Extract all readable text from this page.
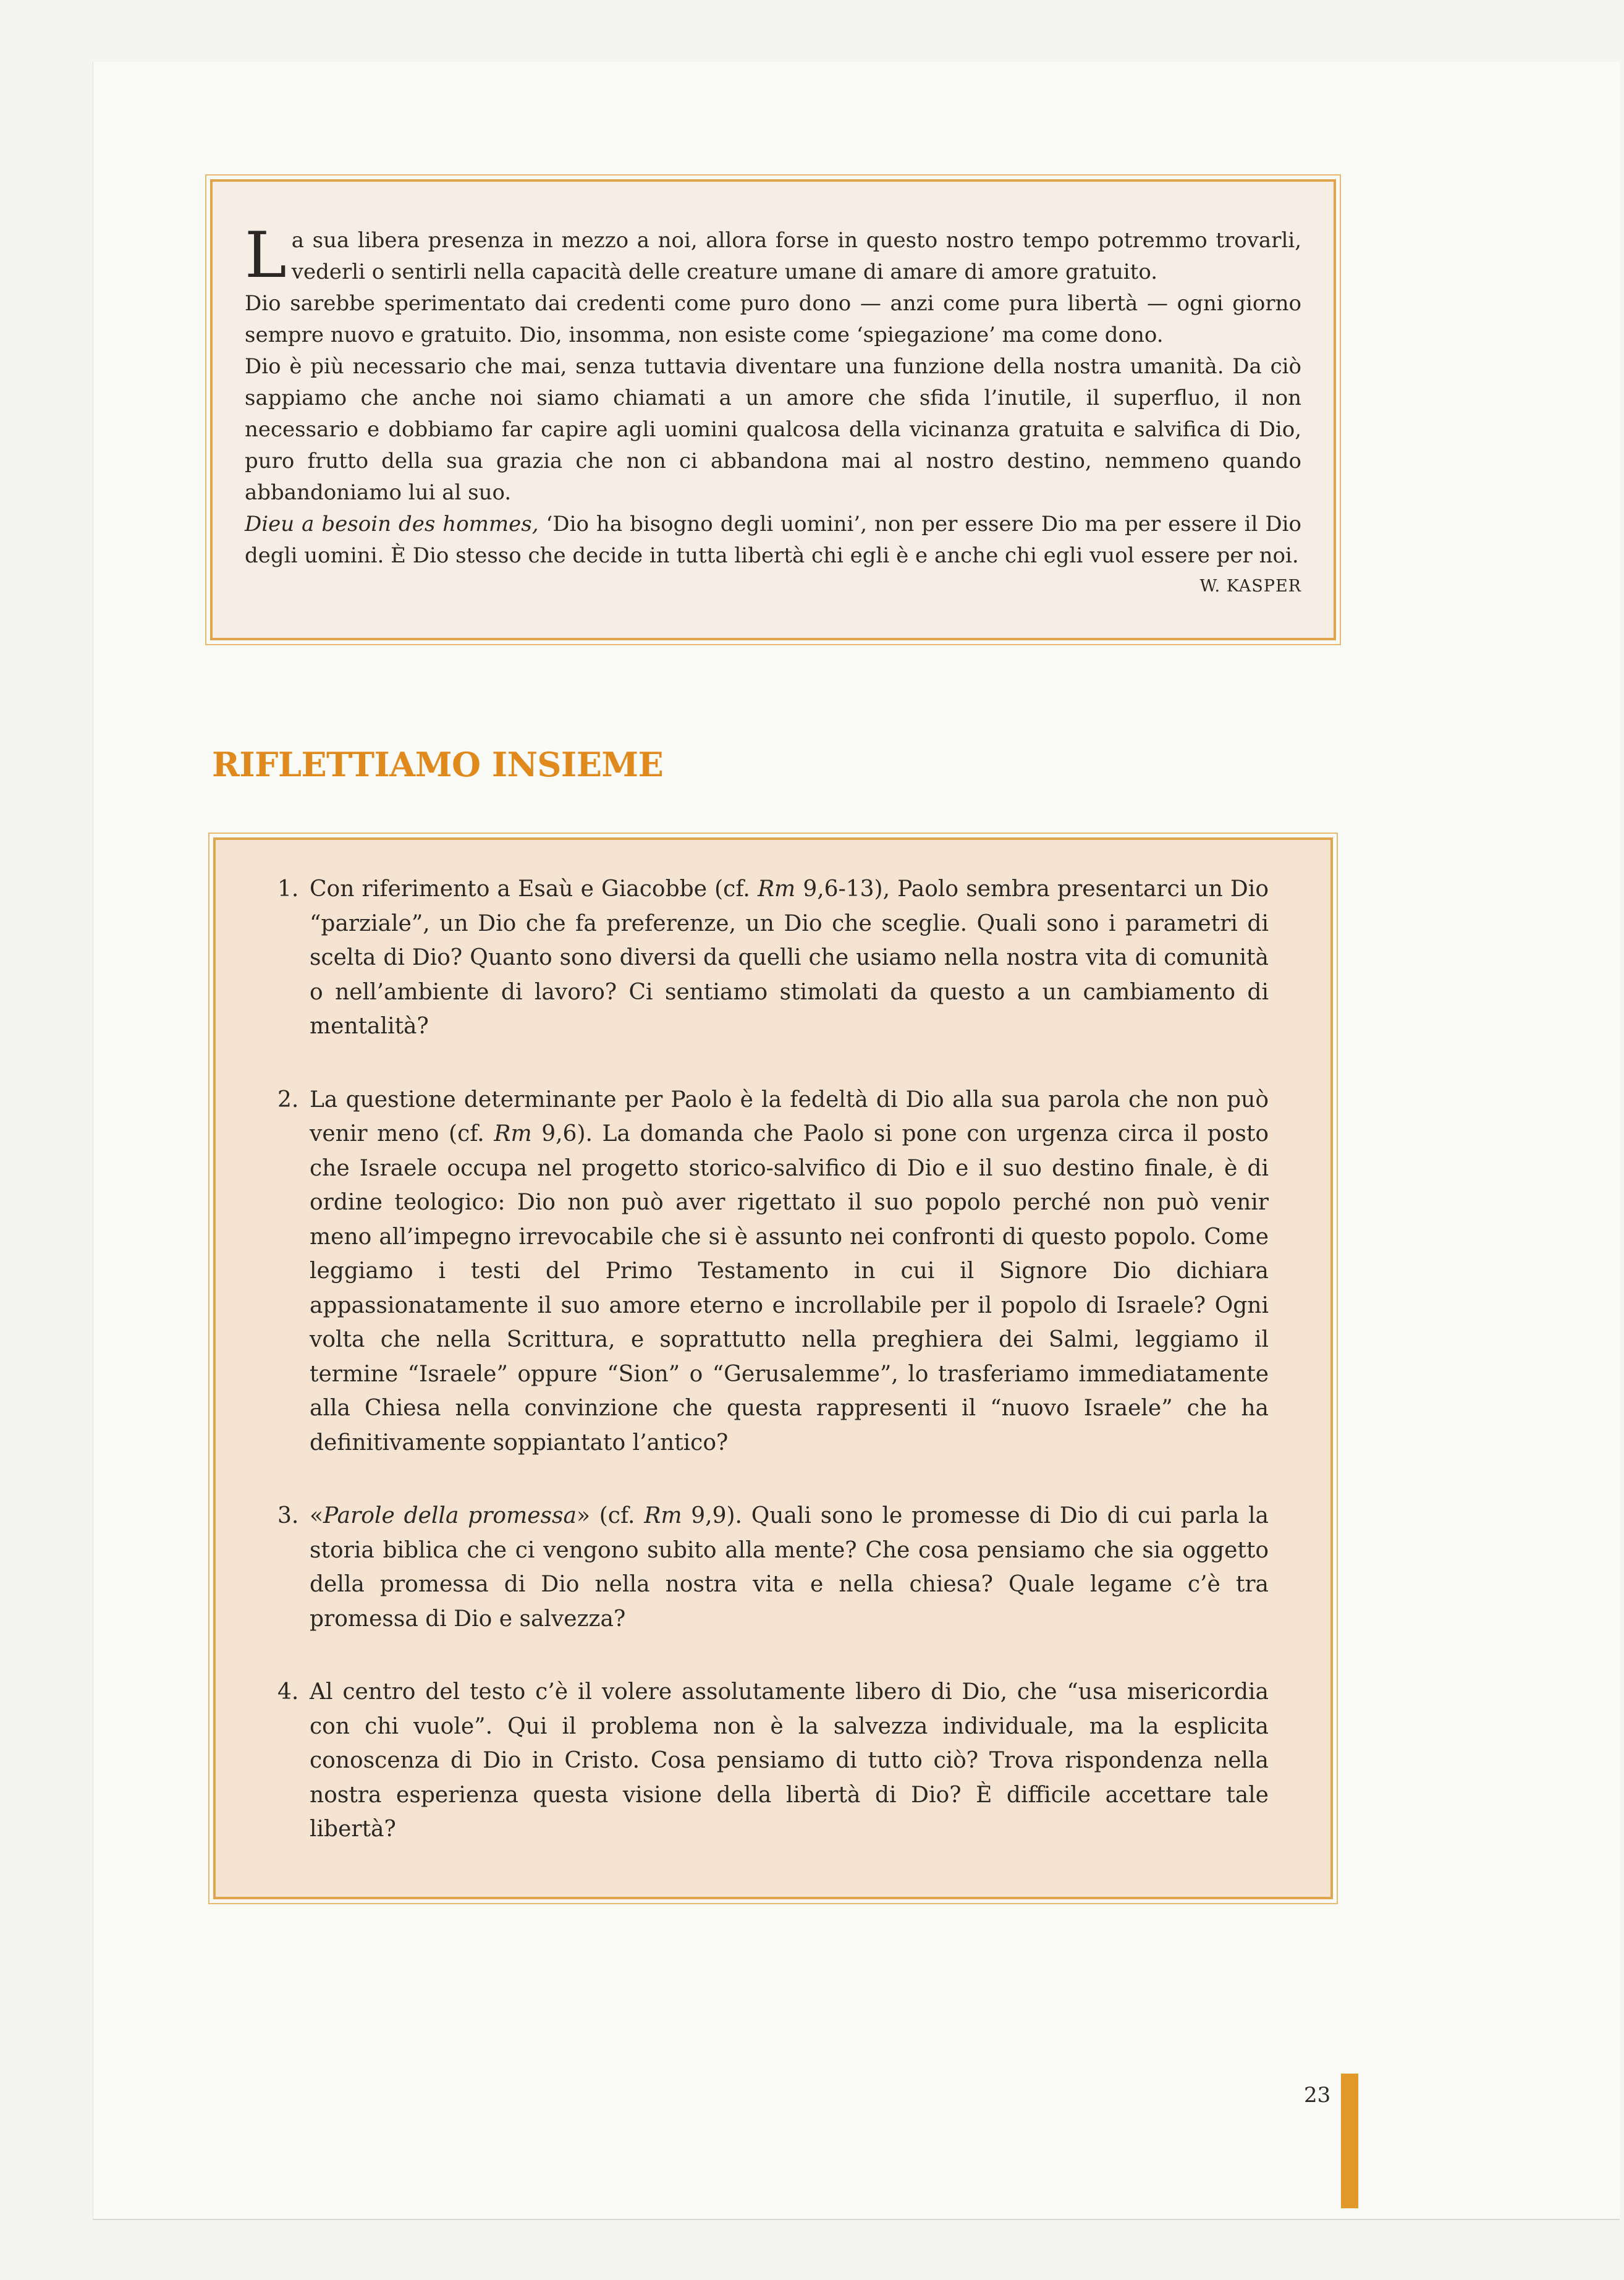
La sua libera presenza in mezzo a noi, allora forse in questo nostro tempo potremmo trovarli, vederli o sentirli nella capacità delle creature umane di amare di amore gratuito.
Dio sarebbe sperimentato dai credenti come puro dono — anzi come pura libertà — ogni giorno sempre nuovo e gratuito. Dio, insomma, non esiste come ‘spiegazione’ ma come dono.
Dio è più necessario che mai, senza tuttavia diventare una funzione della nostra umanità. Da ciò sappiamo che anche noi siamo chiamati a un amore che sfida l’inutile, il superfluo, il non necessario e dobbiamo far capire agli uomini qualcosa della vicinanza gratuita e salvifica di Dio, puro frutto della sua grazia che non ci abbandona mai al nostro destino, nemmeno quando abbandoniamo lui al suo.
Dieu a besoin des hommes, ‘Dio ha bisogno degli uomini’, non per essere Dio ma per essere il Dio degli uomini. È Dio stesso che decide in tutta libertà chi egli è e anche chi egli vuol essere per noi.

W. KASPER
RIFLETTIAMO INSIEME
1. Con riferimento a Esaù e Giacobbe (cf. Rm 9,6-13), Paolo sembra presentarci un Dio “parziale”, un Dio che fa preferenze, un Dio che sceglie. Quali sono i parametri di scelta di Dio? Quanto sono diversi da quelli che usiamo nella nostra vita di comunità o nell’ambiente di lavoro? Ci sentiamo stimolati da questo a un cambiamento di mentalità?
2. La questione determinante per Paolo è la fedeltà di Dio alla sua parola che non può venir meno (cf. Rm 9,6). La domanda che Paolo si pone con urgenza circa il posto che Israele occupa nel progetto storico-salvifico di Dio e il suo destino finale, è di ordine teologico: Dio non può aver rigettato il suo popolo perché non può venir meno all’impegno irrevocabile che si è assunto nei confronti di questo popolo. Come leggiamo i testi del Primo Testamento in cui il Signore Dio dichiara appassionatamente il suo amore eterno e incrollabile per il popolo di Israele? Ogni volta che nella Scrittura, e soprattutto nella preghiera dei Salmi, leggiamo il termine “Israele” oppure “Sion” o “Gerusalemme”, lo trasferiamo immediatamente alla Chiesa nella convinzione che questa rappresenti il “nuovo Israele” che ha definitivamente soppiantato l’antico?
3. «Parole della promessa» (cf. Rm 9,9). Quali sono le promesse di Dio di cui parla la storia biblica che ci vengono subito alla mente? Che cosa pensiamo che sia oggetto della promessa di Dio nella nostra vita e nella chiesa? Quale legame c’è tra promessa di Dio e salvezza?
4. Al centro del testo c’è il volere assolutamente libero di Dio, che “usa misericordia con chi vuole”. Qui il problema non è la salvezza individuale, ma la esplicita conoscenza di Dio in Cristo. Cosa pensiamo di tutto ciò? Trova rispondenza nella nostra esperienza questa visione della libertà di Dio? È difficile accettare tale libertà?
23
